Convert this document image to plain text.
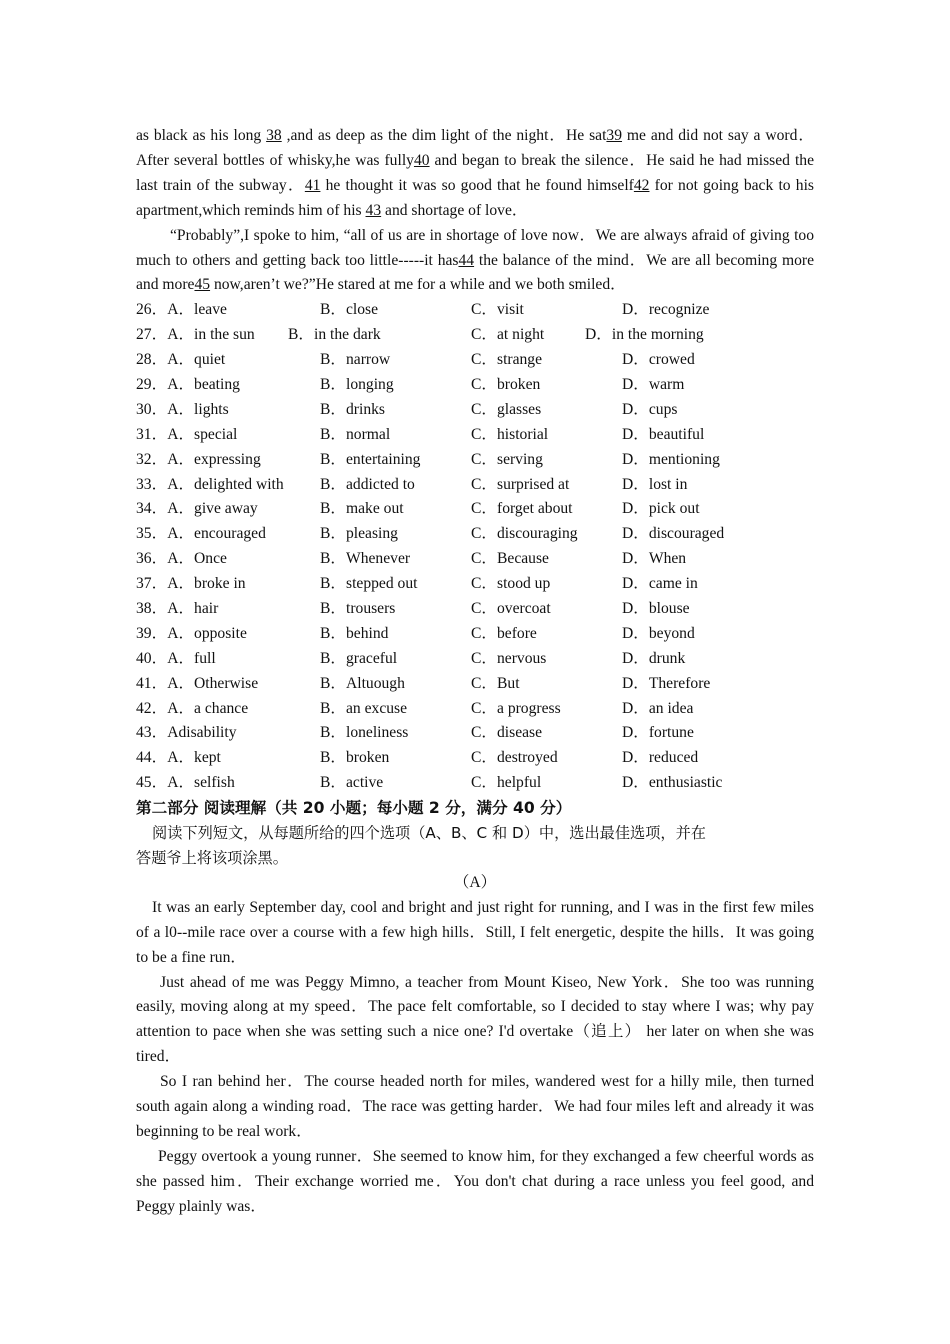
as black as his long 38 ,and as deep as the dim light of the night．He sat39 me and did not say a word．After several bottles of whisky,he was fully40 and began to break the silence．He said he had missed the last train of the subway．41 he thought it was so good that he found himself42 for not going back to his apartment,which reminds him of his 43 and shortage of love．

“Probably”,I spoke to him, “all of us are in shortage of love now．We are always afraid of giving too much to others and getting back too little-----it has44 the balance of the mind．We are all becoming more and more45 now,aren’t we?”He stared at me for a while and we both smiled．

26．A．leave	B．close	C．visit	D．recognize
27．A．in the sun B．in the dark	C．at night	D．in the morning
28．A．quiet	B．narrow	C．strange	D．crowed
29．A．beating	B．longing	C．broken	D．warm
30．A．lights	B．drinks	C．glasses	D．cups
31．A．special	B．normal	C．historial	D．beautiful
32．A．expressing	B．entertaining	C．serving	D．mentioning
33．A．delighted with B．addicted to	C．surprised at	D．lost in
34．A．give away	B．make out	C．forget about	D．pick out
35．A．encouraged	B．pleasing	C．discouraging	D．discouraged
36．A．Once	B．Whenever	C．Because	D．When
37．A．broke in	B．stepped out	C．stood up	D．came in
38．A．hair	B．trousers	C．overcoat	D．blouse
39．A．opposite	B．behind	C．before	D．beyond
40．A．full	B．graceful	C．nervous	D．drunk
41．A．Otherwise	B．Altuough	C．But	D．Therefore
42．A．a chance	B．an excuse	C．a progress	D．an idea
43．Adisability	B．loneliness	C．disease	D．fortune
44．A．kept	B．broken	C．destroyed	D．reduced
45．A．selfish	B．active	C．helpful	D．enthusiastic
第二部分 阅读理解（共 20 小题；每小题 2 分，满分 40 分）
阅读下列短文，从每题所给的四个选项（A、B、C 和 D）中，选出最佳选项，并在
答题爷上将该项涂黑。
（A）

It was an early September day, cool and bright and just right for running, and I was in the first few miles of a l0--mile race over a course with a few high hills．Still, I felt energetic, despite the hills．It was going to be a fine run．

Just ahead of me was Peggy Mimno, a teacher from Mount Kiseo, New York．She too was running easily, moving along at my speed．The pace felt comfortable, so I decided to stay where I was; why pay attention to pace when she was setting such a nice one? I'd overtake（追上） her later on when she was tired．

So I ran behind her．The course headed north for miles, wandered west for a hilly mile, then turned south again along a winding road．The race was getting harder．We had four miles left and already it was beginning to be real work．

Peggy overtook a young runner．She seemed to know him, for they exchanged a few cheerful words as she passed him．Their exchange worried me．You don't chat during a race unless you feel good, and Peggy plainly was．
